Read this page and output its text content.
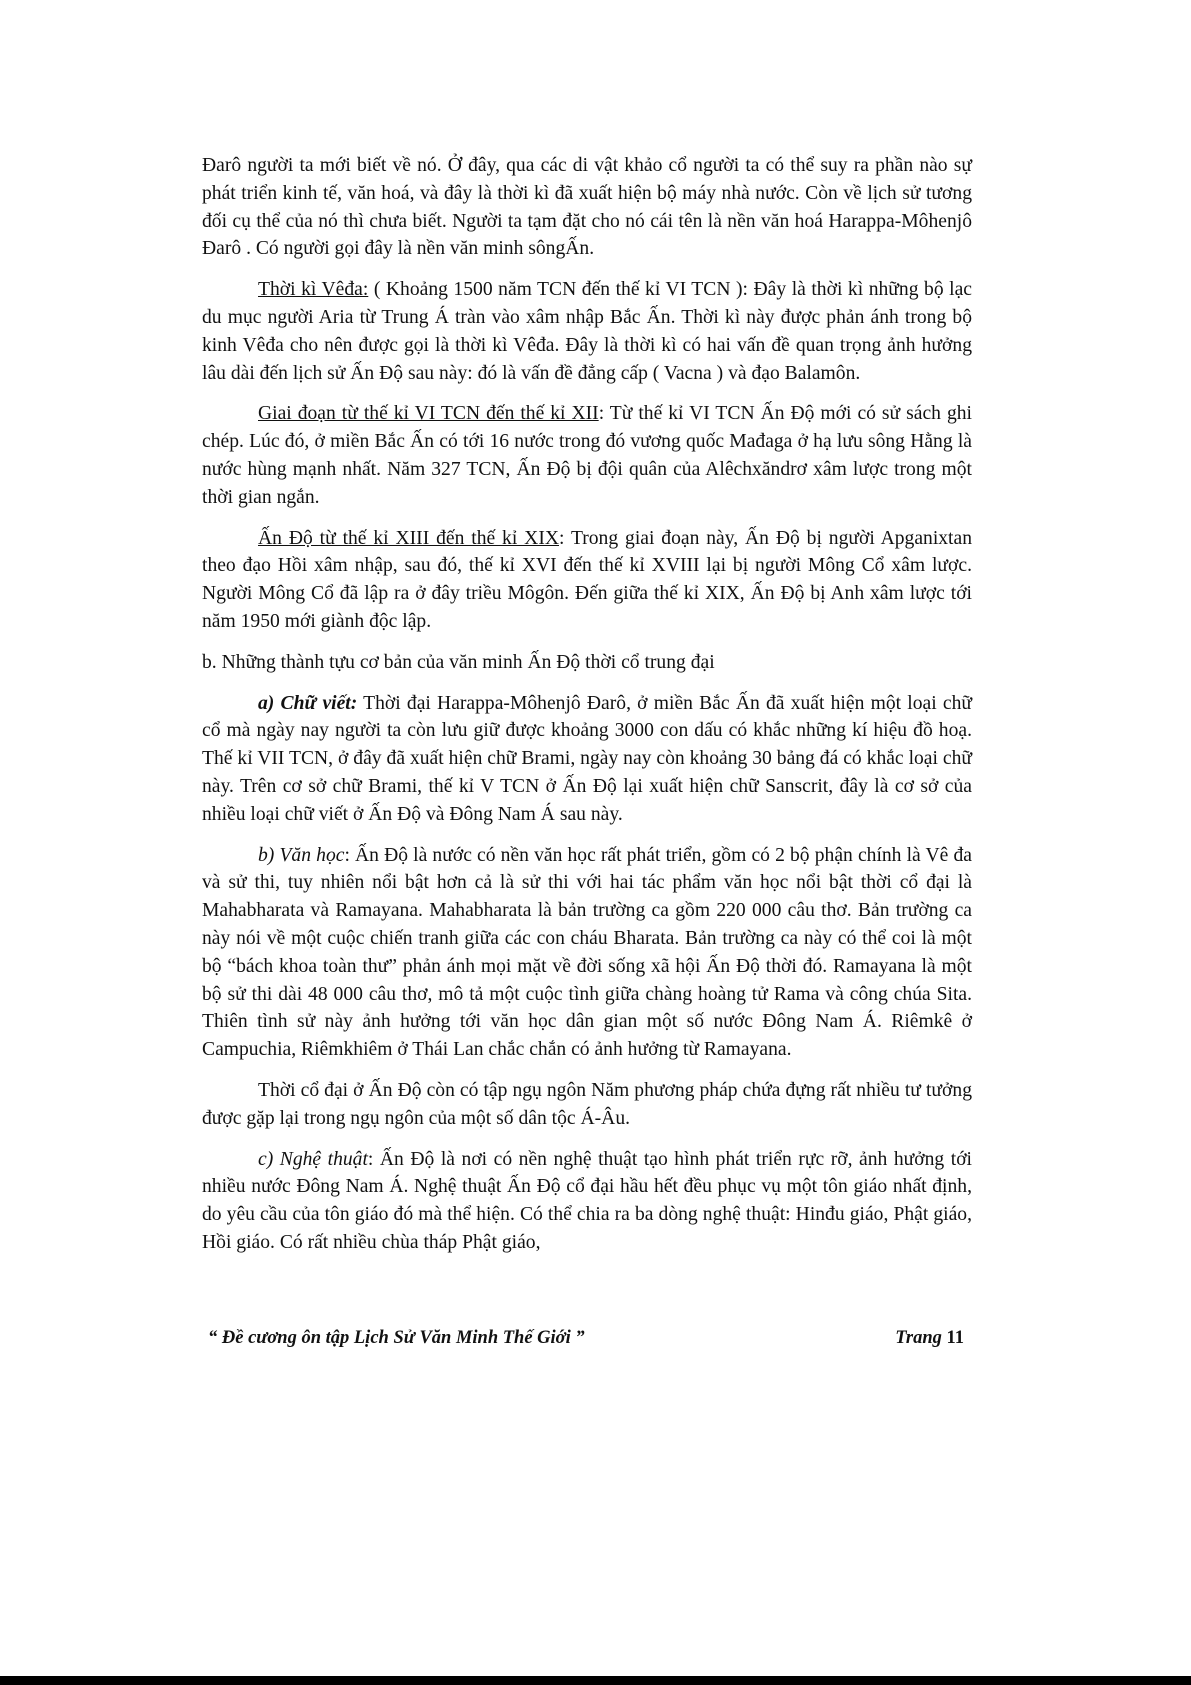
Đarô người ta mới biết về nó. Ở đây, qua các di vật khảo cổ người ta có thể suy ra phần nào sự phát triển kinh tế, văn hoá, và đây là thời kì đã xuất hiện bộ máy nhà nước. Còn về lịch sử tương đối cụ thể của nó thì chưa biết. Người ta tạm đặt cho nó cái tên là nền văn hoá Harappa-Môhenjô Đarô . Có người gọi đây là nền văn minh sôngẤn.

Thời kì Vêđa: ( Khoảng 1500 năm TCN đến thế kỉ VI TCN ): Đây là thời kì những bộ lạc du mục người Aria từ Trung Á tràn vào xâm nhập Bắc Ấn. Thời kì này được phản ánh trong bộ kinh Vêđa cho nên được gọi là thời kì Vêđa. Đây là thời kì có hai vấn đề quan trọng ảnh hưởng lâu dài đến lịch sử Ấn Độ sau này: đó là vấn đề đẳng cấp ( Vacna ) và đạo Balamôn.

Giai đoạn từ thế kỉ VI TCN đến thế kỉ XII: Từ thế kỉ VI TCN Ấn Độ mới có sử sách ghi chép. Lúc đó, ở miền Bắc Ấn có tới 16 nước trong đó vương quốc Mađaga ở hạ lưu sông Hằng là nước hùng mạnh nhất. Năm 327 TCN, Ấn Độ bị đội quân của Alêchxăndrơ xâm lược trong một thời gian ngắn.

Ấn Độ từ thế kỉ XIII đến thế kỉ XIX: Trong giai đoạn này, Ấn Độ bị người Apganixtan theo đạo Hồi xâm nhập, sau đó, thế kỉ XVI đến thế kỉ XVIII lại bị người Mông Cổ xâm lược. Người Mông Cổ đã lập ra ở đây triều Môgôn. Đến giữa thế kỉ XIX, Ấn Độ bị Anh xâm lược tới năm 1950 mới giành độc lập.

b. Những thành tựu cơ bản của văn minh Ấn Độ thời cổ trung đại

a) Chữ viết: Thời đại Harappa-Môhenjô Đarô, ở miền Bắc Ấn đã xuất hiện một loại chữ cổ mà ngày nay người ta còn lưu giữ được khoảng 3000 con dấu có khắc những kí hiệu đồ hoạ. Thế kỉ VII TCN, ở đây đã xuất hiện chữ Brami, ngày nay còn khoảng 30 bảng đá có khắc loại chữ này. Trên cơ sở chữ Brami, thế kỉ V TCN ở Ấn Độ lại xuất hiện chữ Sanscrit, đây là cơ sở của nhiều loại chữ viết ở Ấn Độ và Đông Nam Á sau này.

b) Văn học: Ấn Độ là nước có nền văn học rất phát triển, gồm có 2 bộ phận chính là Vê đa và sử thi, tuy nhiên nổi bật hơn cả là sử thi với hai tác phẩm văn học nổi bật thời cổ đại là Mahabharata và Ramayana. Mahabharata là bản trường ca gồm 220 000 câu thơ. Bản trường ca này nói về một cuộc chiến tranh giữa các con cháu Bharata. Bản trường ca này có thể coi là một bộ “bách khoa toàn thư” phản ánh mọi mặt về đời sống xã hội Ấn Độ thời đó. Ramayana là một bộ sử thi dài 48 000 câu thơ, mô tả một cuộc tình giữa chàng hoàng tử Rama và công chúa Sita. Thiên tình sử này ảnh hưởng tới văn học dân gian một số nước Đông Nam Á. Riêmkê ở Campuchia, Riêmkhiêm ở Thái Lan chắc chắn có ảnh hưởng từ Ramayana.

Thời cổ đại ở Ấn Độ còn có tập ngụ ngôn Năm phương pháp chứa đựng rất nhiều tư tưởng được gặp lại trong ngụ ngôn của một số dân tộc Á-Âu.

c) Nghệ thuật: Ấn Độ là nơi có nền nghệ thuật tạo hình phát triển rực rỡ, ảnh hưởng tới nhiều nước Đông Nam Á. Nghệ thuật Ấn Độ cổ đại hầu hết đều phục vụ một tôn giáo nhất định, do yêu cầu của tôn giáo đó mà thể hiện. Có thể chia ra ba dòng nghệ thuật: Hinđu giáo, Phật giáo, Hồi giáo. Có rất nhiều chùa tháp Phật giáo,

“ Đề cương ôn tập Lịch Sử Văn Minh Thế Giới ”	Trang 11
